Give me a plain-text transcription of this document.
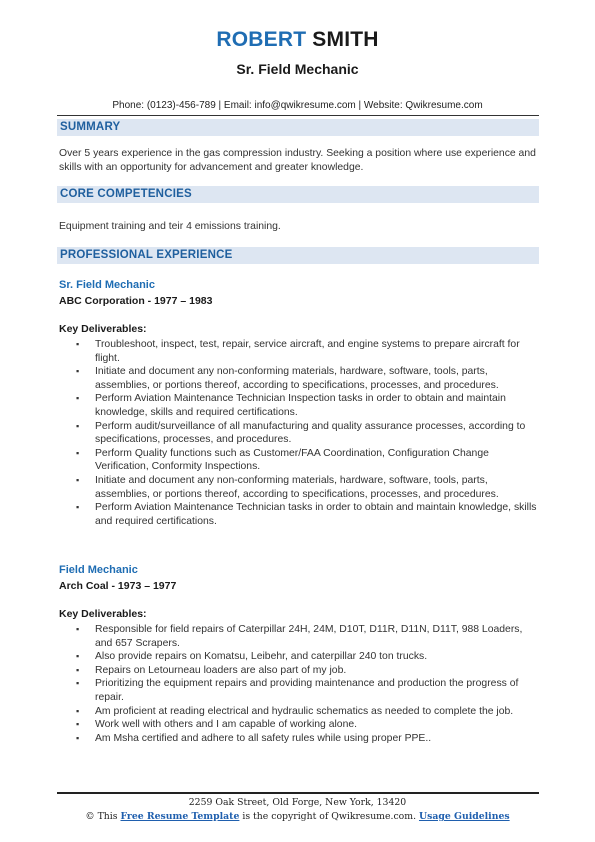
ROBERT SMITH
Sr. Field Mechanic
Phone: (0123)-456-789 | Email: info@qwikresume.com | Website: Qwikresume.com
SUMMARY
Over 5 years experience in the gas compression industry. Seeking a position where use experience and skills with an opportunity for advancement and greater knowledge.
CORE COMPETENCIES
Equipment training and teir 4 emissions training.
PROFESSIONAL EXPERIENCE
Sr. Field Mechanic
ABC Corporation - 1977 – 1983
Key Deliverables:
▪ Troubleshoot, inspect, test, repair, service aircraft, and engine systems to prepare aircraft for flight.
▪ Initiate and document any non-conforming materials, hardware, software, tools, parts, assemblies, or portions thereof, according to specifications, processes, and procedures.
▪ Perform Aviation Maintenance Technician Inspection tasks in order to obtain and maintain knowledge, skills and required certifications.
▪ Perform audit/surveillance of all manufacturing and quality assurance processes, according to specifications, processes, and procedures.
▪ Perform Quality functions such as Customer/FAA Coordination, Configuration Change Verification, Conformity Inspections.
▪ Initiate and document any non-conforming materials, hardware, software, tools, parts, assemblies, or portions thereof, according to specifications, processes, and procedures.
▪ Perform Aviation Maintenance Technician tasks in order to obtain and maintain knowledge, skills and required certifications.
Field Mechanic
Arch Coal - 1973 – 1977
Key Deliverables:
▪ Responsible for field repairs of Caterpillar 24H, 24M, D10T, D11R, D11N, D11T, 988 Loaders, and 657 Scrapers.
▪ Also provide repairs on Komatsu, Leibehr, and caterpillar 240 ton trucks.
▪ Repairs on Letourneau loaders are also part of my job.
▪ Prioritizing the equipment repairs and providing maintenance and production the progress of repair.
▪ Am proficient at reading electrical and hydraulic schematics as needed to complete the job.
▪ Work well with others and I am capable of working alone.
▪ Am Msha certified and adhere to all safety rules while using proper PPE..
2259 Oak Street, Old Forge, New York, 13420
© This Free Resume Template is the copyright of Qwikresume.com. Usage Guidelines
